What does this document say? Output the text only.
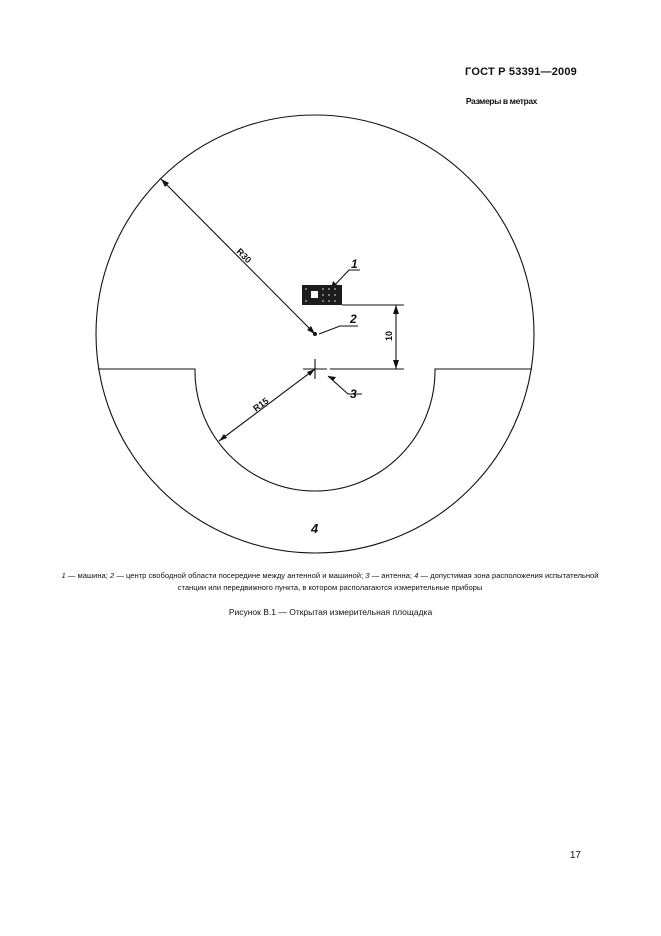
ГОСТ Р 53391—2009
Размеры в метрах
R30
R15
10
1
2
3
4
1 — машина; 2 — центр свободной области посередине между антенной и машиной; 3 — антенна; 4 — допустимая зона расположения испытательной станции или передвижного пункта, в котором располагаются измерительные приборы
Рисунок В.1 — Открытая измерительная площадка
17
